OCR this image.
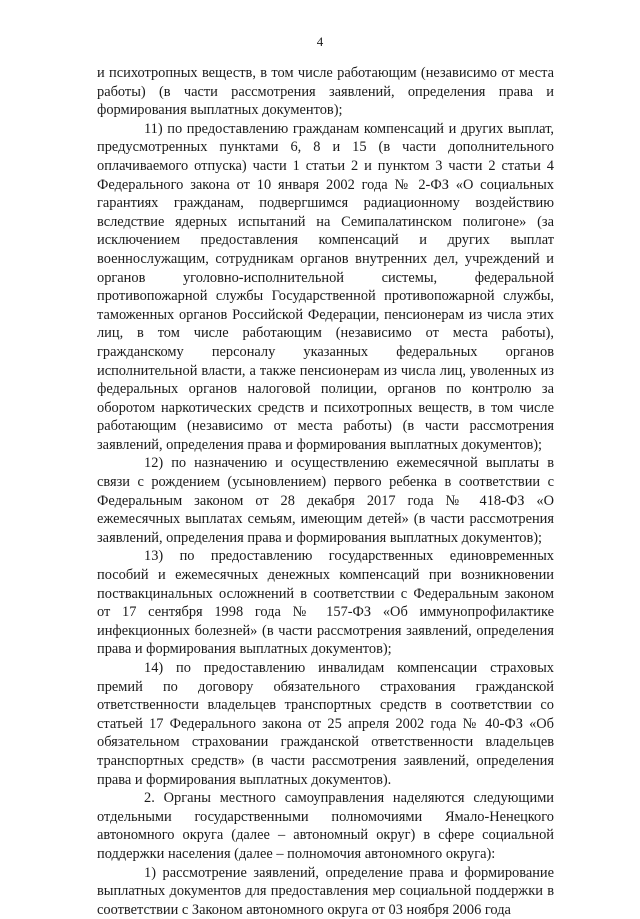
4

и психотропных веществ, в том числе работающим (независимо от места работы) (в части рассмотрения заявлений, определения права и формирования выплатных документов);

11) по предоставлению гражданам компенсаций и других выплат, предусмотренных пунктами 6, 8 и 15 (в части дополнительного оплачиваемого отпуска) части 1 статьи 2 и пунктом 3 части 2 статьи 4 Федерального закона от 10 января 2002 года № 2-ФЗ «О социальных гарантиях гражданам, подвергшимся радиационному воздействию вследствие ядерных испытаний на Семипалатинском полигоне» (за исключением предоставления компенсаций и других выплат военнослужащим, сотрудникам органов внутренних дел, учреждений и органов уголовно-исполнительной системы, федеральной противопожарной службы Государственной противопожарной службы, таможенных органов Российской Федерации, пенсионерам из числа этих лиц, в том числе работающим (независимо от места работы), гражданскому персоналу указанных федеральных органов исполнительной власти, а также пенсионерам из числа лиц, уволенных из федеральных органов налоговой полиции, органов по контролю за оборотом наркотических средств и психотропных веществ, в том числе работающим (независимо от места работы) (в части рассмотрения заявлений, определения права и формирования выплатных документов);

12) по назначению и осуществлению ежемесячной выплаты в связи с рождением (усыновлением) первого ребенка в соответствии с Федеральным законом от 28 декабря 2017 года № 418-ФЗ «О ежемесячных выплатах семьям, имеющим детей» (в части рассмотрения заявлений, определения права и формирования выплатных документов);

13) по предоставлению государственных единовременных пособий и ежемесячных денежных компенсаций при возникновении поствакцинальных осложнений в соответствии с Федеральным законом от 17 сентября 1998 года № 157-ФЗ «Об иммунопрофилактике инфекционных болезней» (в части рассмотрения заявлений, определения права и формирования выплатных документов);

14) по предоставлению инвалидам компенсации страховых премий по договору обязательного страхования гражданской ответственности владельцев транспортных средств в соответствии со статьей 17 Федерального закона от 25 апреля 2002 года № 40-ФЗ «Об обязательном страховании гражданской ответственности владельцев транспортных средств» (в части рассмотрения заявлений, определения права и формирования выплатных документов).

2. Органы местного самоуправления наделяются следующими отдельными государственными полномочиями Ямало-Ненецкого автономного округа (далее – автономный округ) в сфере социальной поддержки населения (далее – полномочия автономного округа):

1) рассмотрение заявлений, определение права и формирование выплатных документов для предоставления мер социальной поддержки в соответствии с Законом автономного округа от 03 ноября 2006 года
